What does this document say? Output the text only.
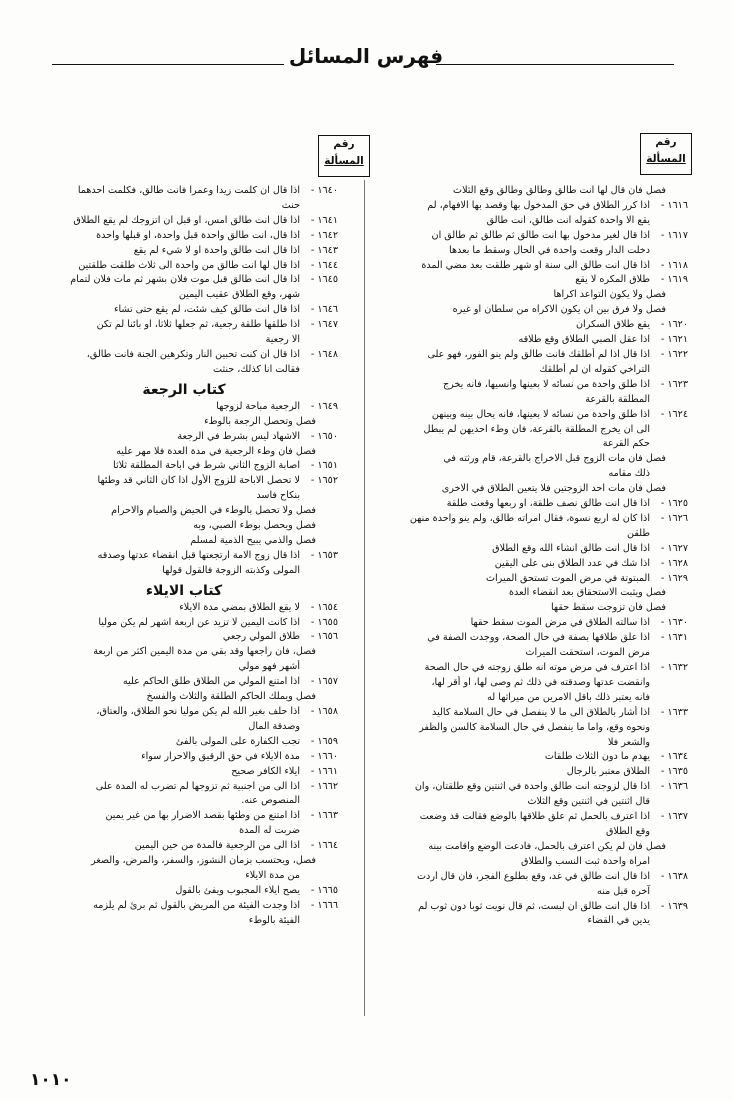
فهرس المسائل
رقم
المسألة
رقم
المسألة
فصل فان قال لها انت طالق وطالق وطالق وقع الثلاث
١٦١٦ -اذا كرر الطلاق في حق المدخول بها وقصد بها الافهام، لم
يقع الا واحدة كقوله انت طالق، انت طالق
١٦١٧ -اذا قال لغير مدخول بها انت طالق ثم طالق ثم طالق ان
دخلت الدار وقعت واحدة في الحال وسقط ما بعدها
١٦١٨ -اذا قال انت طالق الى سنة او شهر طلقت بعد مضي المدة
١٦١٩ -طلاق المكره لا يقع
فصل ولا يكون التواعد اكراها
فصل ولا فرق بين ان يكون الاكراه من سلطان او غيره
١٦٢٠ -يقع طلاق السكران
١٦٢١ -اذا عقل الصبي الطلاق وقع طلاقه
١٦٢٢ -اذا قال اذا لم أطلقك فانت طالق ولم ينو الفور، فهو على
التراخي كقوله ان لم أطلقك
١٦٢٣ -اذا طلق واحدة من نسائه لا بعينها وانسيها، فانه يخرج
المطلقة بالقرعة
١٦٢٤ -اذا طلق واحدة من نسائه لا بعينها، فانه يحال بينه وبينهن
الى ان يخرج المطلقة بالقرعة، فان وطء احديهن لم يبطل
حكم القرعة
فصل فان مات الزوج قبل الاخراج بالقرعة، قام ورثته في
ذلك مقامه
فصل فان مات احد الزوجتين فلا يتعين الطلاق في الاخرى
١٦٢٥ -اذا قال انت طالق نصف طلقة، او ربعها وقعت طلقة
١٦٢٦ -اذا كان له اربع نسوة، فقال امراته طالق، ولم ينو واحدة منهن
طلقن
١٦٢٧ -اذا قال انت طالق انشاء الله وقع الطلاق
١٦٢٨ -اذا شك في عدد الطلاق بنى على اليقين
١٦٢٩ -المبتوتة في مرض الموت تستحق الميراث
فصل ويثبت الاستحقاق بعد انقضاء العدة
فصل فان تزوجت سقط حقها
١٦٣٠ -اذا سالته الطلاق في مرض الموت سقط حقها
١٦٣١ -اذا علق طلاقها بصفة في حال الصحة، ووجدت الصفة في
مرض الموت، استحقت الميراث
١٦٣٢ -اذا اعترف في مرض موته انه طلق زوجته في حال الصحة
وانقضت عدتها وصدقته في ذلك ثم وصى لها، او أقر لها،
فانه يعتبر ذلك باقل الامرين من ميراثها له
١٦٣٣ -اذا أشار بالطلاق الى ما لا ينفصل في حال السلامة كاليد
ونحوه وقع، واما ما ينفصل في حال السلامة كالسن والظفر
والشعر فلا
١٦٣٤ -يهدم ما دون الثلاث طلقات
١٦٣٥ -الطلاق معتبر بالرجال
١٦٣٦ -اذا قال لزوجته انت طالق واحدة في اثنتين وقع طلقتان، وان
قال اثنتين في اثنتين وقع الثلاث
١٦٣٧ -اذا اعترف بالحمل ثم علق طلاقها بالوضع فقالت قد وضعت
وقع الطلاق
فصل فان لم يكن اعترف بالحمل، فادعت الوضع واقامت بينه
امراة واحدة ثبت النسب والطلاق
١٦٣٨ -اذا قال انت طالق في غد، وقع بطلوع الفجر، فان قال اردت
آخره قبل منه
١٦٣٩ -اذا قال انت طالق ان لبست، ثم قال نويت ثوبا دون ثوب لم
يدين في القضاء
١٦٤٠ -اذا قال ان كلمت زيدا وعمرا فانت طالق، فكلمت احدهما
حنث
١٦٤١ -اذا قال انت طالق امس، او قبل ان اتزوجك لم يقع الطلاق
١٦٤٢ -اذا قال، انت طالق واحدة قبل واحدة، او قبلها واحدة
١٦٤٣ -اذا قال انت طالق واحدة او لا شيء لم يقع
١٦٤٤ -اذا قال لها انت طالق من واحدة الى ثلاث طلقت طلقتين
١٦٤٥ -اذا قال انت طالق قبل موت فلان بشهر ثم مات فلان لتمام
شهر، وقع الطلاق عقيب اليمين
١٦٤٦ -اذا قال انت طالق كيف شئت، لم يقع حتى تشاء
١٦٤٧ -اذا طلقها طلقة رجعية، ثم جعلها ثلاثا، او بائنا لم تكن
الا رجعية
١٦٤٨ -اذا قال ان كنت تحبين النار وتكرهين الجنة فانت طالق،
فقالت انا كذلك، حنثت
كتاب الرجعة
١٦٤٩ -الرجعية مباحة لزوجها
فصل وتحصل الرجعة بالوطء
١٦٥٠ -الاشهاد ليس بشرط في الرجعة
فصل فان وطء الرجعية في مدة العدة فلا مهر عليه
١٦٥١ -اصابة الزوج الثاني شرط في اباحة المطلقة ثلاثا
١٦٥٢ -لا تحصل الاباحة للزوج الأول اذا كان الثاني قد وطئها
بنكاح فاسد
فصل ولا تحصل بالوطء في الحيض والصيام والاحرام
فصل ويحصل بوطء الصبي، وبه
فصل والذمي يبيح الذمية لمسلم
١٦٥٣ -اذا قال زوج الامة ارتجعتها قبل انقضاء عدتها وصدقه
المولى وكذبته الزوجة فالقول قولها
كتاب الايلاء
١٦٥٤ -لا يقع الطلاق بمضي مدة الايلاء
١٦٥٥ -اذا كانت اليمين لا تزيد عن اربعة اشهر لم يكن موليا
١٦٥٦ -طلاق المولي رجعي
فصل، فان راجعها وقد بقي من مدة اليمين اكثر من اربعة
أشهر فهو مولي
١٦٥٧ -اذا امتنع المولي من الطلاق طلق الحاكم عليه
فصل ويملك الحاكم الطلقة والثلاث والفسخ
١٦٥٨ -اذا حلف بغير الله لم يكن موليا نحو الطلاق، والعتاق،
وصدقة المال
١٦٥٩ -تجب الكفارة على المولى بالفئ
١٦٦٠ -مدة الايلاء في حق الرقيق والاحرار سواء
١٦٦١ -ايلاء الكافر صحيح
١٦٦٢ -اذا الى من اجنبية ثم تزوجها لم تضرب له المدة على
المنصوص عنه.
١٦٦٣ -اذا امتنع من وطئها بقصد الاضرار بها من غير يمين
ضربت له المدة
١٦٦٤ -اذا الى من الرجعية فالمدة من حين اليمين
فصل، ويحتسب بزمان النشوز، والسفر، والمرض، والصغر
من مدة الايلاء
١٦٦٥ -يصح ايلاء المجبوب ويفئ بالقول
١٦٦٦ -اذا وجدت الفيئة من المريض بالقول ثم برئ لم يلزمه
الفيئة بالوطء
١٠١٠
